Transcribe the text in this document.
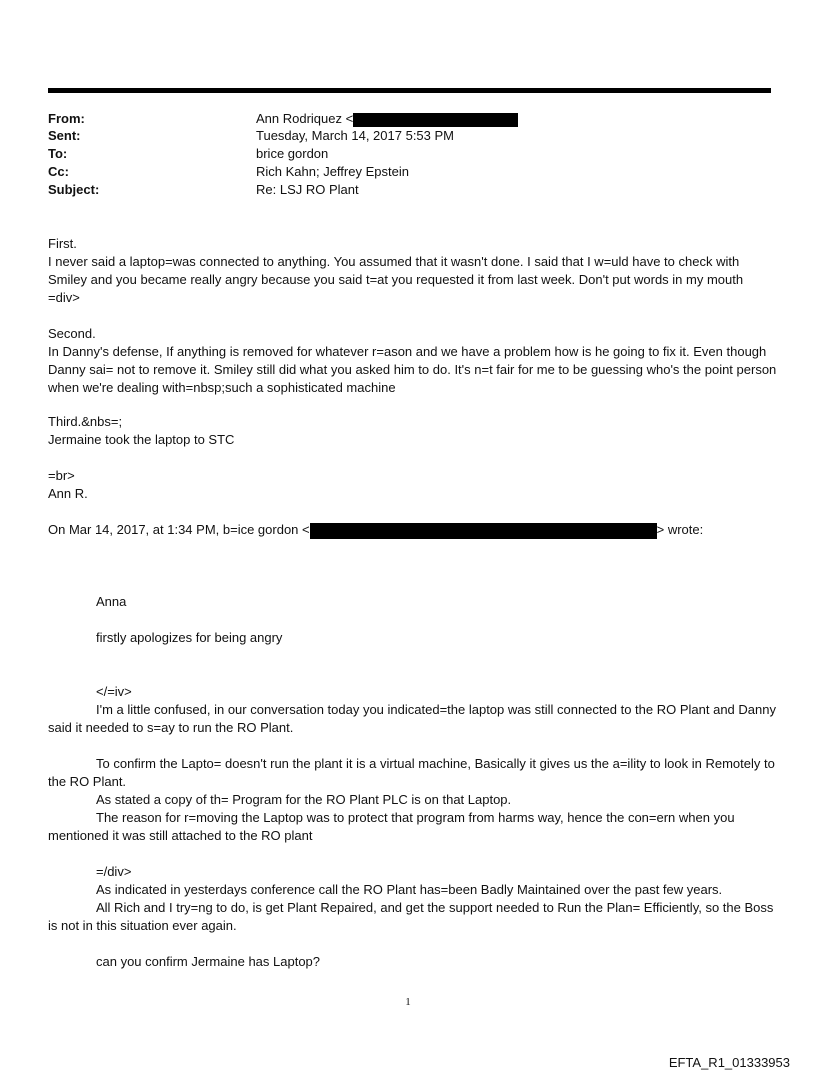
From:	Ann Rodriquez <
Sent:	Tuesday, March 14, 2017 5:53 PM
To:	brice gordon
Cc:	Rich Kahn; Jeffrey Epstein
Subject:	Re: LSJ RO Plant

First.

I never said a laptop=was connected to anything. You assumed that it wasn't done. I said that I w=uld have to check with Smiley and you became really angry because you said t=at you requested it from last week. Don't put words in my mouth =div>

Second.

In Danny's defense, If anything is removed for whatever r=ason and we have a problem how is he going to fix it. Even though Danny sai= not to remove it. Smiley still did what you asked him to do. It's n=t fair for me to be guessing who's the point person when we're dealing with=nbsp;such a sophisticated machine

Third.&nbs=;

Jermaine took the laptop to STC

=br>

Ann R.

On Mar 14, 2017, at 1:34 PM, b=ice gordon <	> wrote:
Anna
firstly apologizes for being angry
</=iv>
I'm a little confused, in our conversation today you indicated=the laptop was still connected to the RO Plant and Danny said it needed to s=ay to run the RO Plant.
To confirm the Lapto= doesn't run the plant it is a virtual machine, Basically it gives us the a=ility to look in Remotely to the RO Plant.
As stated a copy of th= Program for the RO Plant PLC is on that Laptop.
The reason for r=moving the Laptop was to protect that program from harms way, hence the con=ern when you mentioned it was still attached to the RO plant
=/div>
As indicated in yesterdays conference call the RO Plant has=been Badly Maintained over the past few years.
All Rich and I try=ng to do, is get Plant Repaired, and get the support needed to Run the Plan= Efficiently, so the Boss is not in this situation ever again.
can you confirm Jermaine has Laptop?
1
EFTA_R1_01333953
